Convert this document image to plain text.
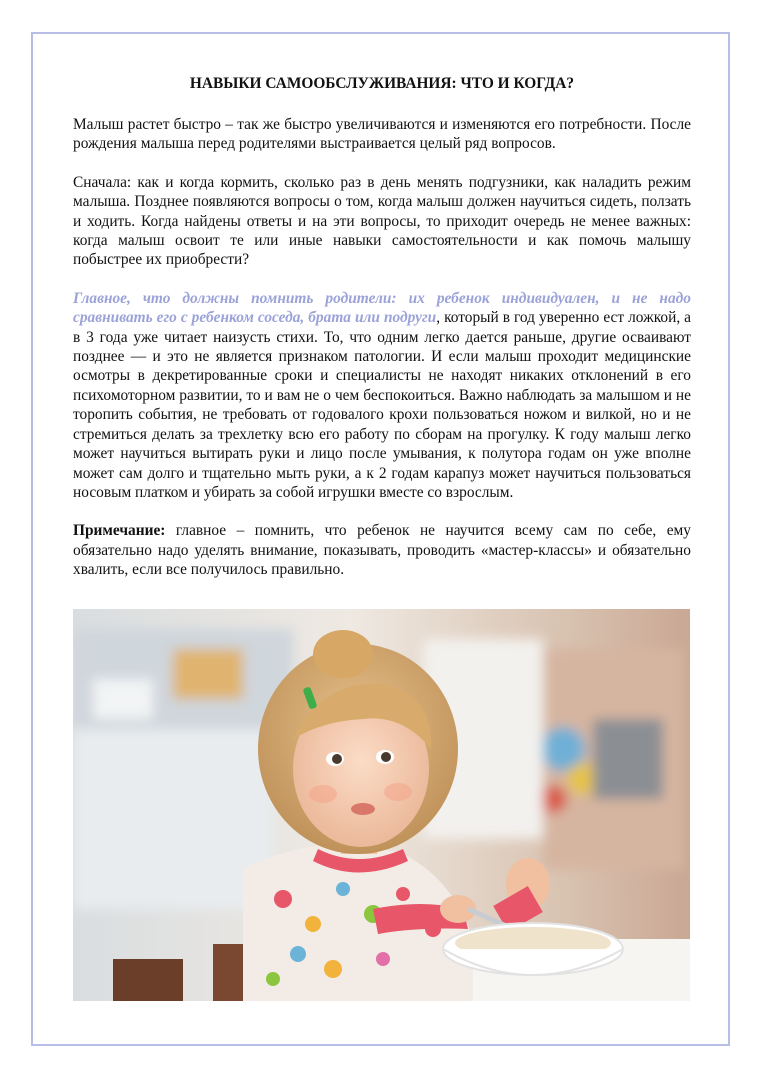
НАВЫКИ САМООБСЛУЖИВАНИЯ: ЧТО И КОГДА?

Малыш растет быстро – так же быстро увеличиваются и изменяются его потребности. После рождения малыша перед родителями выстраивается целый ряд вопросов.

Сначала: как и когда кормить, сколько раз в день менять подгузники, как наладить режим малыша. Позднее появляются вопросы о том, когда малыш должен научиться сидеть, ползать и ходить. Когда найдены ответы и на эти вопросы, то приходит очередь не менее важных: когда малыш освоит те или иные навыки самостоятельности и как помочь малышу побыстрее их приобрести?

Главное, что должны помнить родители: их ребенок индивидуален, и не надо сравнивать его с ребенком соседа, брата или подруги, который в год уверенно ест ложкой, а в 3 года уже читает наизусть стихи. То, что одним легко дается раньше, другие осваивают позднее — и это не является признаком патологии. И если малыш проходит медицинские осмотры в декретированные сроки и специалисты не находят никаких отклонений в его психомоторном развитии, то и вам не о чем беспокоиться. Важно наблюдать за малышом и не торопить события, не требовать от годовалого крохи пользоваться ножом и вилкой, но и не стремиться делать за трехлетку всю его работу по сборам на прогулку. К году малыш легко может научиться вытирать руки и лицо после умывания, к полутора годам он уже вполне может сам долго и тщательно мыть руки, а к 2 годам карапуз может научиться пользоваться носовым платком и убирать за собой игрушки вместе со взрослым.

Примечание: главное – помнить, что ребенок не научится всему сам по себе, ему обязательно надо уделять внимание, показывать, проводить «мастер-классы» и обязательно хвалить, если все получилось правильно.
